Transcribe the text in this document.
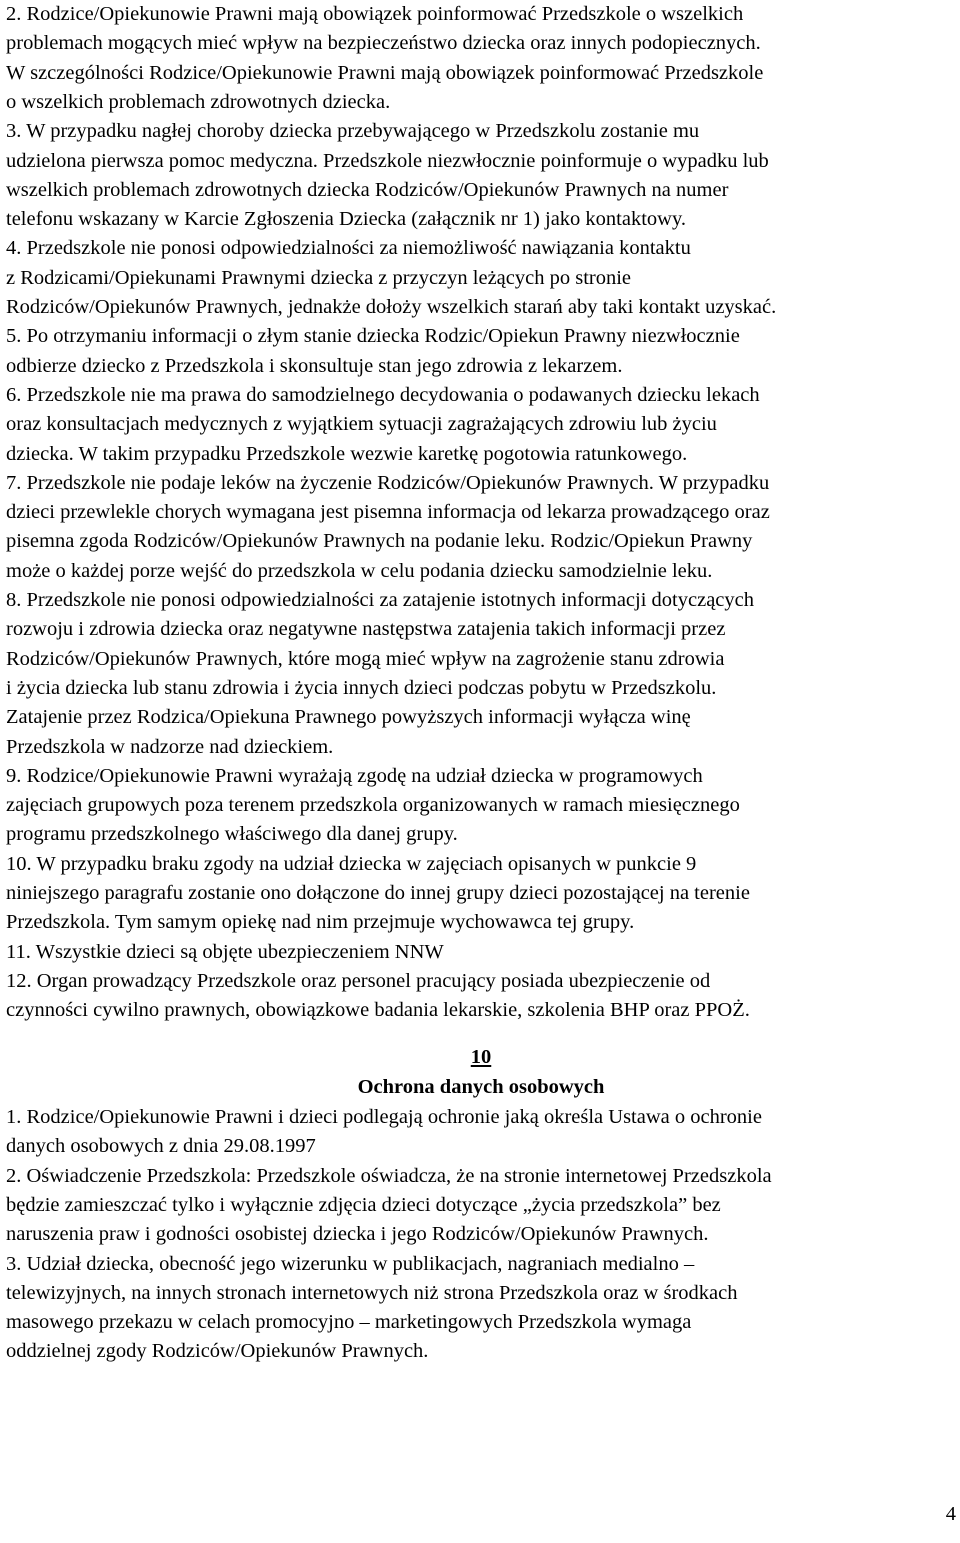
2. Rodzice/Opiekunowie Prawni mają obowiązek poinformować Przedszkole o wszelkich
problemach mogących mieć wpływ na bezpieczeństwo dziecka oraz innych podopiecznych.
W szczególności Rodzice/Opiekunowie Prawni mają obowiązek poinformować Przedszkole
o wszelkich problemach zdrowotnych dziecka.
3. W przypadku nagłej choroby dziecka przebywającego w Przedszkolu zostanie mu
udzielona pierwsza pomoc medyczna. Przedszkole niezwłocznie poinformuje o wypadku lub
wszelkich problemach zdrowotnych dziecka Rodziców/Opiekunów Prawnych na numer
telefonu wskazany w Karcie Zgłoszenia Dziecka (załącznik nr 1) jako kontaktowy.
4. Przedszkole nie ponosi odpowiedzialności za niemożliwość nawiązania kontaktu
z Rodzicami/Opiekunami Prawnymi dziecka z przyczyn leżących po stronie
Rodziców/Opiekunów Prawnych, jednakże dołoży wszelkich starań aby taki kontakt uzyskać.
5. Po otrzymaniu informacji o złym stanie dziecka Rodzic/Opiekun Prawny niezwłocznie
odbierze dziecko z Przedszkola i skonsultuje stan jego zdrowia z lekarzem.
6. Przedszkole nie ma prawa do samodzielnego decydowania o podawanych dziecku lekach
oraz konsultacjach medycznych z wyjątkiem sytuacji zagrażających zdrowiu lub życiu
dziecka. W takim przypadku Przedszkole wezwie karetkę pogotowia ratunkowego.
7. Przedszkole nie podaje leków na życzenie Rodziców/Opiekunów Prawnych. W przypadku
dzieci przewlekle chorych wymagana jest pisemna informacja od lekarza prowadzącego oraz
pisemna zgoda Rodziców/Opiekunów Prawnych na podanie leku. Rodzic/Opiekun Prawny
może o każdej porze wejść do przedszkola w celu podania dziecku samodzielnie leku.
8. Przedszkole nie ponosi odpowiedzialności za zatajenie istotnych informacji dotyczących
rozwoju i zdrowia dziecka oraz negatywne następstwa zatajenia takich informacji przez
Rodziców/Opiekunów Prawnych, które mogą mieć wpływ na zagrożenie stanu zdrowia
i życia dziecka lub stanu zdrowia i życia innych dzieci podczas pobytu w Przedszkolu.
Zatajenie przez Rodzica/Opiekuna Prawnego powyższych informacji wyłącza winę
Przedszkola w nadzorze nad dzieckiem.
9. Rodzice/Opiekunowie Prawni wyrażają zgodę na udział dziecka w programowych
zajęciach grupowych poza terenem przedszkola organizowanych w ramach miesięcznego
programu przedszkolnego właściwego dla danej grupy.
10. W przypadku braku zgody na udział dziecka w zajęciach opisanych w punkcie 9
niniejszego paragrafu zostanie ono dołączone do innej grupy dzieci pozostającej na terenie
Przedszkola. Tym samym opiekę nad nim przejmuje wychowawca tej grupy.
11. Wszystkie dzieci są objęte ubezpieczeniem NNW
12. Organ prowadzący Przedszkole oraz personel pracujący posiada ubezpieczenie od
czynności cywilno prawnych, obowiązkowe badania lekarskie, szkolenia BHP oraz PPOŻ.
10
Ochrona danych osobowych
1. Rodzice/Opiekunowie Prawni i dzieci podlegają ochronie jaką określa Ustawa o ochronie
danych osobowych z dnia 29.08.1997
2. Oświadczenie Przedszkola: Przedszkole oświadcza, że na stronie internetowej Przedszkola
będzie zamieszczać tylko i wyłącznie zdjęcia dzieci dotyczące „życia przedszkola” bez
naruszenia praw i godności osobistej dziecka i jego Rodziców/Opiekunów Prawnych.
3. Udział dziecka, obecność jego wizerunku w publikacjach, nagraniach medialno –
telewizyjnych, na innych stronach internetowych niż strona Przedszkola oraz w środkach
masowego przekazu w celach promocyjno – marketingowych Przedszkola wymaga
oddzielnej zgody Rodziców/Opiekunów Prawnych.
4
